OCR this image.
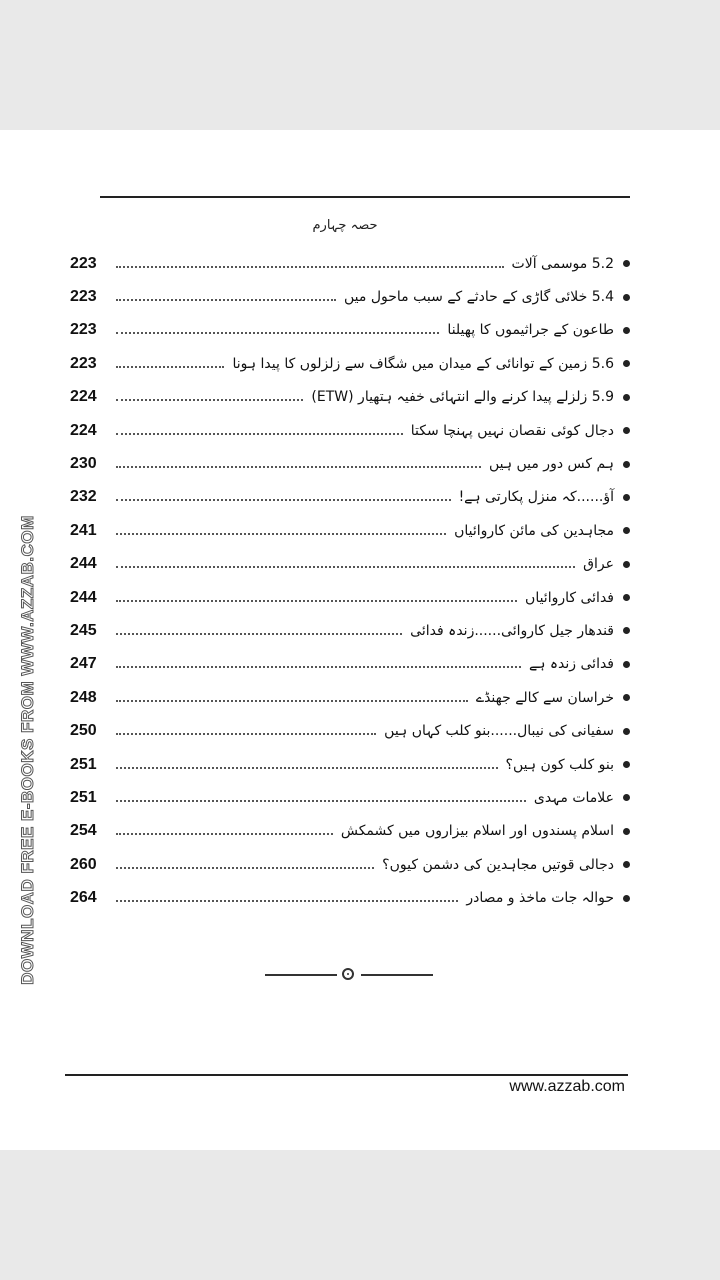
DOWNLOAD FREE E-BOOKS FROM WWW.AZZAB.COM
حصہ چہارم
223	5.2 موسمی آلات
223	5.4 خلائی گاڑی کے حادثے کے سبب ماحول میں
223	طاعون کے جراثیموں کا پھیلنا
223	5.6 زمین کے توانائی کے میدان میں شگاف سے زلزلوں کا پیدا ہونا
224	5.9 زلزلے پیدا کرنے والے انتہائی خفیہ ہتھیار (ETW)
224	دجال کوئی نقصان نہیں پہنچا سکتا
230	ہم کس دور میں ہیں
232	آؤ......کہ منزل پکارتی ہے!
241	مجاہدین کی مائن کاروائیاں
244	عراق
244	فدائی کاروائیاں
245	قندھار جیل کاروائی......زندہ فدائی
247	فدائی زندہ ہے
248	خراسان سے کالے جھنڈے
250	سفیانی کی نیبال......بنو کلب کہاں ہیں
251	بنو کلب کون ہیں؟
251	علامات مہدی
254	اسلام پسندوں اور اسلام بیزاروں میں کشمکش
260	دجالی قوتیں مجاہدین کی دشمن کیوں؟
264	حوالہ جات ماخذ و مصادر
www.azzab.com
